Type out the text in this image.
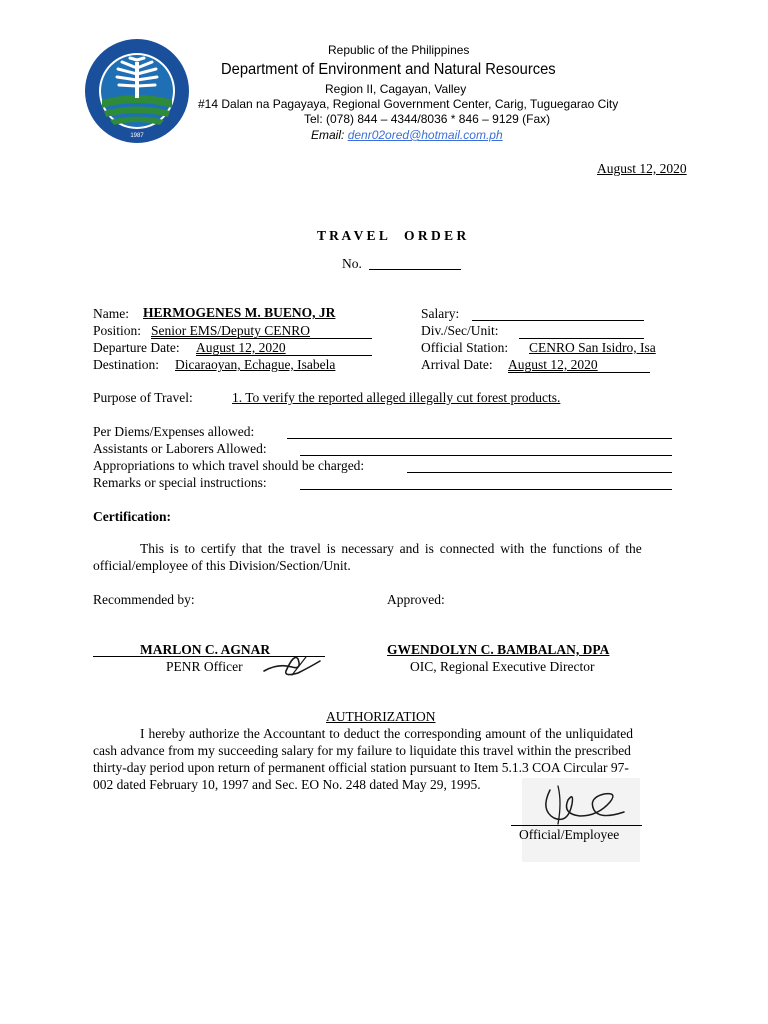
1987
Republic of the Philippines
Department of Environment and Natural Resources
Region II, Cagayan, Valley
#14 Dalan na Pagayaya, Regional Government Center, Carig, Tuguegarao City
Tel: (078) 844 – 4344/8036 * 846 – 9129 (Fax)
Email: denr02ored@hotmail.com.ph
August 12, 2020
T R A V E L     O R D E R
No.
Name: HERMOGENES M. BUENO, JR	Salary:
Position: Senior EMS/Deputy CENRO	Div./Sec/Unit:
Departure Date: August 12, 2020	Official Station: CENRO San Isidro, Isa
Destination: Dicaraoyan, Echague, Isabela	Arrival Date: August 12, 2020
Purpose of Travel:	1. To verify the reported alleged illegally cut forest products.
Per Diems/Expenses allowed:
Assistants or Laborers Allowed:
Appropriations to which travel should be charged:
Remarks or special instructions:
Certification:
This is to certify that the travel is necessary and is connected with the functions of the
official/employee of this Division/Section/Unit.
Recommended by:	Approved:
MARLON C. AGNAR
PENR Officer
GWENDOLYN C. BAMBALAN, DPA
OIC, Regional Executive Director
AUTHORIZATION
I hereby authorize the Accountant to deduct the corresponding amount of the unliquidated
cash advance from my succeeding salary for my failure to liquidate this travel within the prescribed
thirty-day period upon return of permanent official station pursuant to Item 5.1.3 COA Circular 97-
002 dated February 10, 1997 and Sec. EO No. 248 dated May 29, 1995.
Official/Employee
